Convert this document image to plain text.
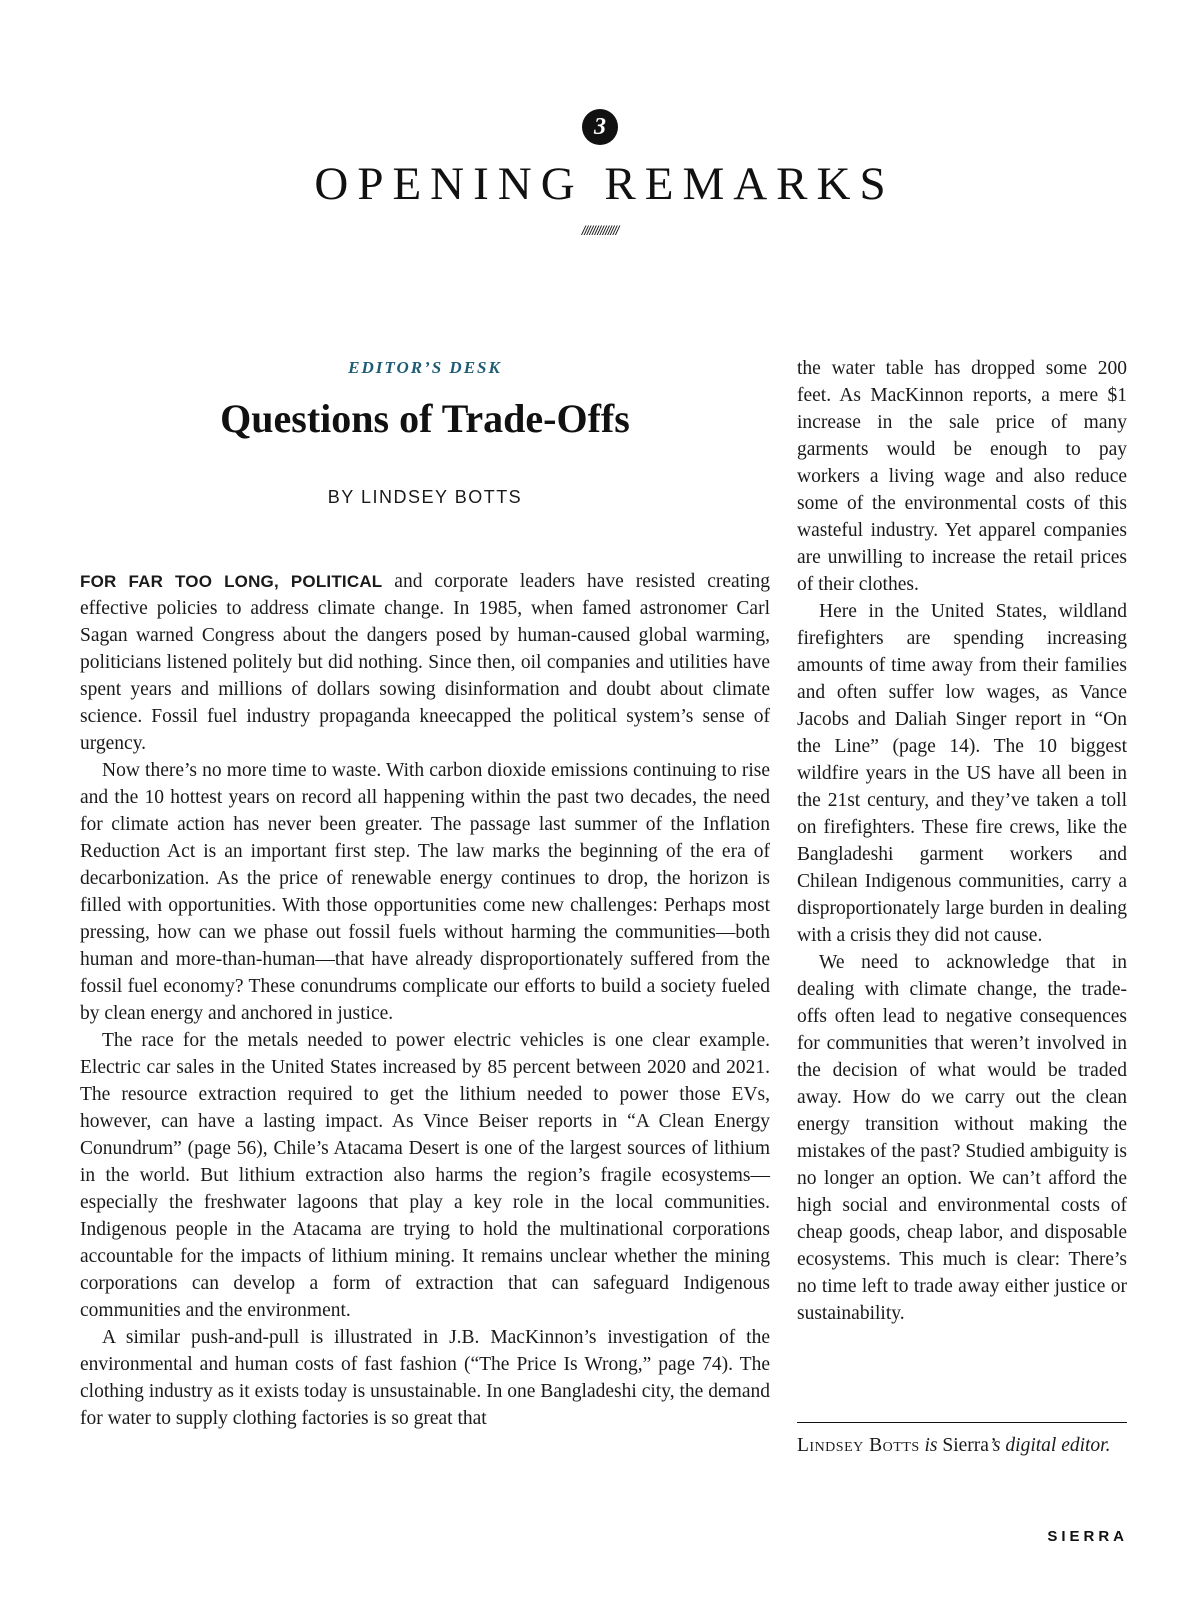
3
OPENING REMARKS
//////////////
EDITOR’S DESK
Questions of Trade-Offs
BY LINDSEY BOTTS

FOR FAR TOO LONG, POLITICAL and corporate leaders have resisted creating effective policies to address climate change. In 1985, when famed astronomer Carl Sagan warned Congress about the dangers posed by human-caused global warming, politicians listened politely but did nothing. Since then, oil companies and utilities have spent years and millions of dollars sowing disinformation and doubt about climate science. Fossil fuel industry propaganda kneecapped the political system’s sense of urgency.

Now there’s no more time to waste. With carbon dioxide emissions continuing to rise and the 10 hottest years on record all happening within the past two decades, the need for climate action has never been greater. The passage last summer of the Inflation Reduction Act is an important first step. The law marks the beginning of the era of decarbonization. As the price of renewable energy continues to drop, the horizon is filled with opportunities. With those opportunities come new challenges: Perhaps most pressing, how can we phase out fossil fuels without harming the communities—both human and more-than-human—that have already disproportionately suffered from the fossil fuel economy? These conundrums complicate our efforts to build a society fueled by clean energy and anchored in justice.

The race for the metals needed to power electric vehicles is one clear example. Electric car sales in the United States increased by 85 percent between 2020 and 2021. The resource extraction required to get the lithium needed to power those EVs, however, can have a lasting impact. As Vince Beiser reports in “A Clean Energy Conundrum” (page 56), Chile’s Atacama Desert is one of the largest sources of lithium in the world. But lithium extraction also harms the region’s fragile ecosystems—especially the freshwater lagoons that play a key role in the local communities. Indigenous people in the Atacama are trying to hold the multinational corporations accountable for the impacts of lithium mining. It remains unclear whether the mining corporations can develop a form of extraction that can safeguard Indigenous communities and the environment.

A similar push-and-pull is illustrated in J.B. MacKinnon’s investigation of the environmental and human costs of fast fashion (“The Price Is Wrong,” page 74). The clothing industry as it exists today is unsustainable. In one Bangladeshi city, the demand for water to supply clothing factories is so great that

the water table has dropped some 200 feet. As MacKinnon reports, a mere $1 increase in the sale price of many garments would be enough to pay workers a living wage and also reduce some of the environmental costs of this wasteful industry. Yet apparel companies are unwilling to increase the retail prices of their clothes.

Here in the United States, wildland firefighters are spending increasing amounts of time away from their families and often suffer low wages, as Vance Jacobs and Daliah Singer report in “On the Line” (page 14). The 10 biggest wildfire years in the US have all been in the 21st century, and they’ve taken a toll on firefighters. These fire crews, like the Bangladeshi garment workers and Chilean Indigenous communities, carry a disproportionately large burden in dealing with a crisis they did not cause.

We need to acknowledge that in dealing with climate change, the trade-offs often lead to negative consequences for communities that weren’t involved in the decision of what would be traded away. How do we carry out the clean energy transition without making the mistakes of the past? Studied ambiguity is no longer an option. We can’t afford the high social and environmental costs of cheap goods, cheap labor, and disposable ecosystems. This much is clear: There’s no time left to trade away either justice or sustainability.

Lindsey Botts is Sierra’s digital editor.

SIERRA
